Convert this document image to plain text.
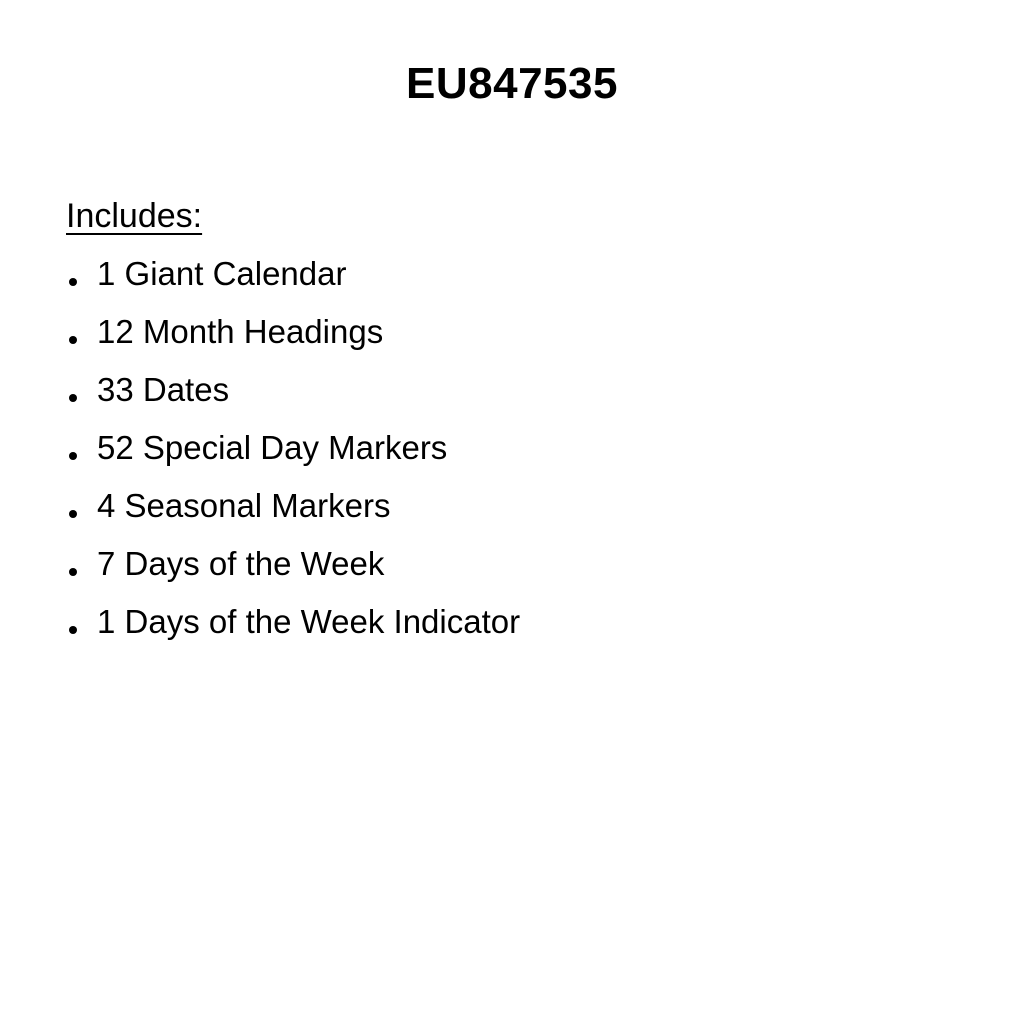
EU847535
Includes:
1 Giant Calendar
12 Month Headings
33 Dates
52 Special Day Markers
4 Seasonal Markers
7 Days of the Week
1 Days of the Week Indicator
